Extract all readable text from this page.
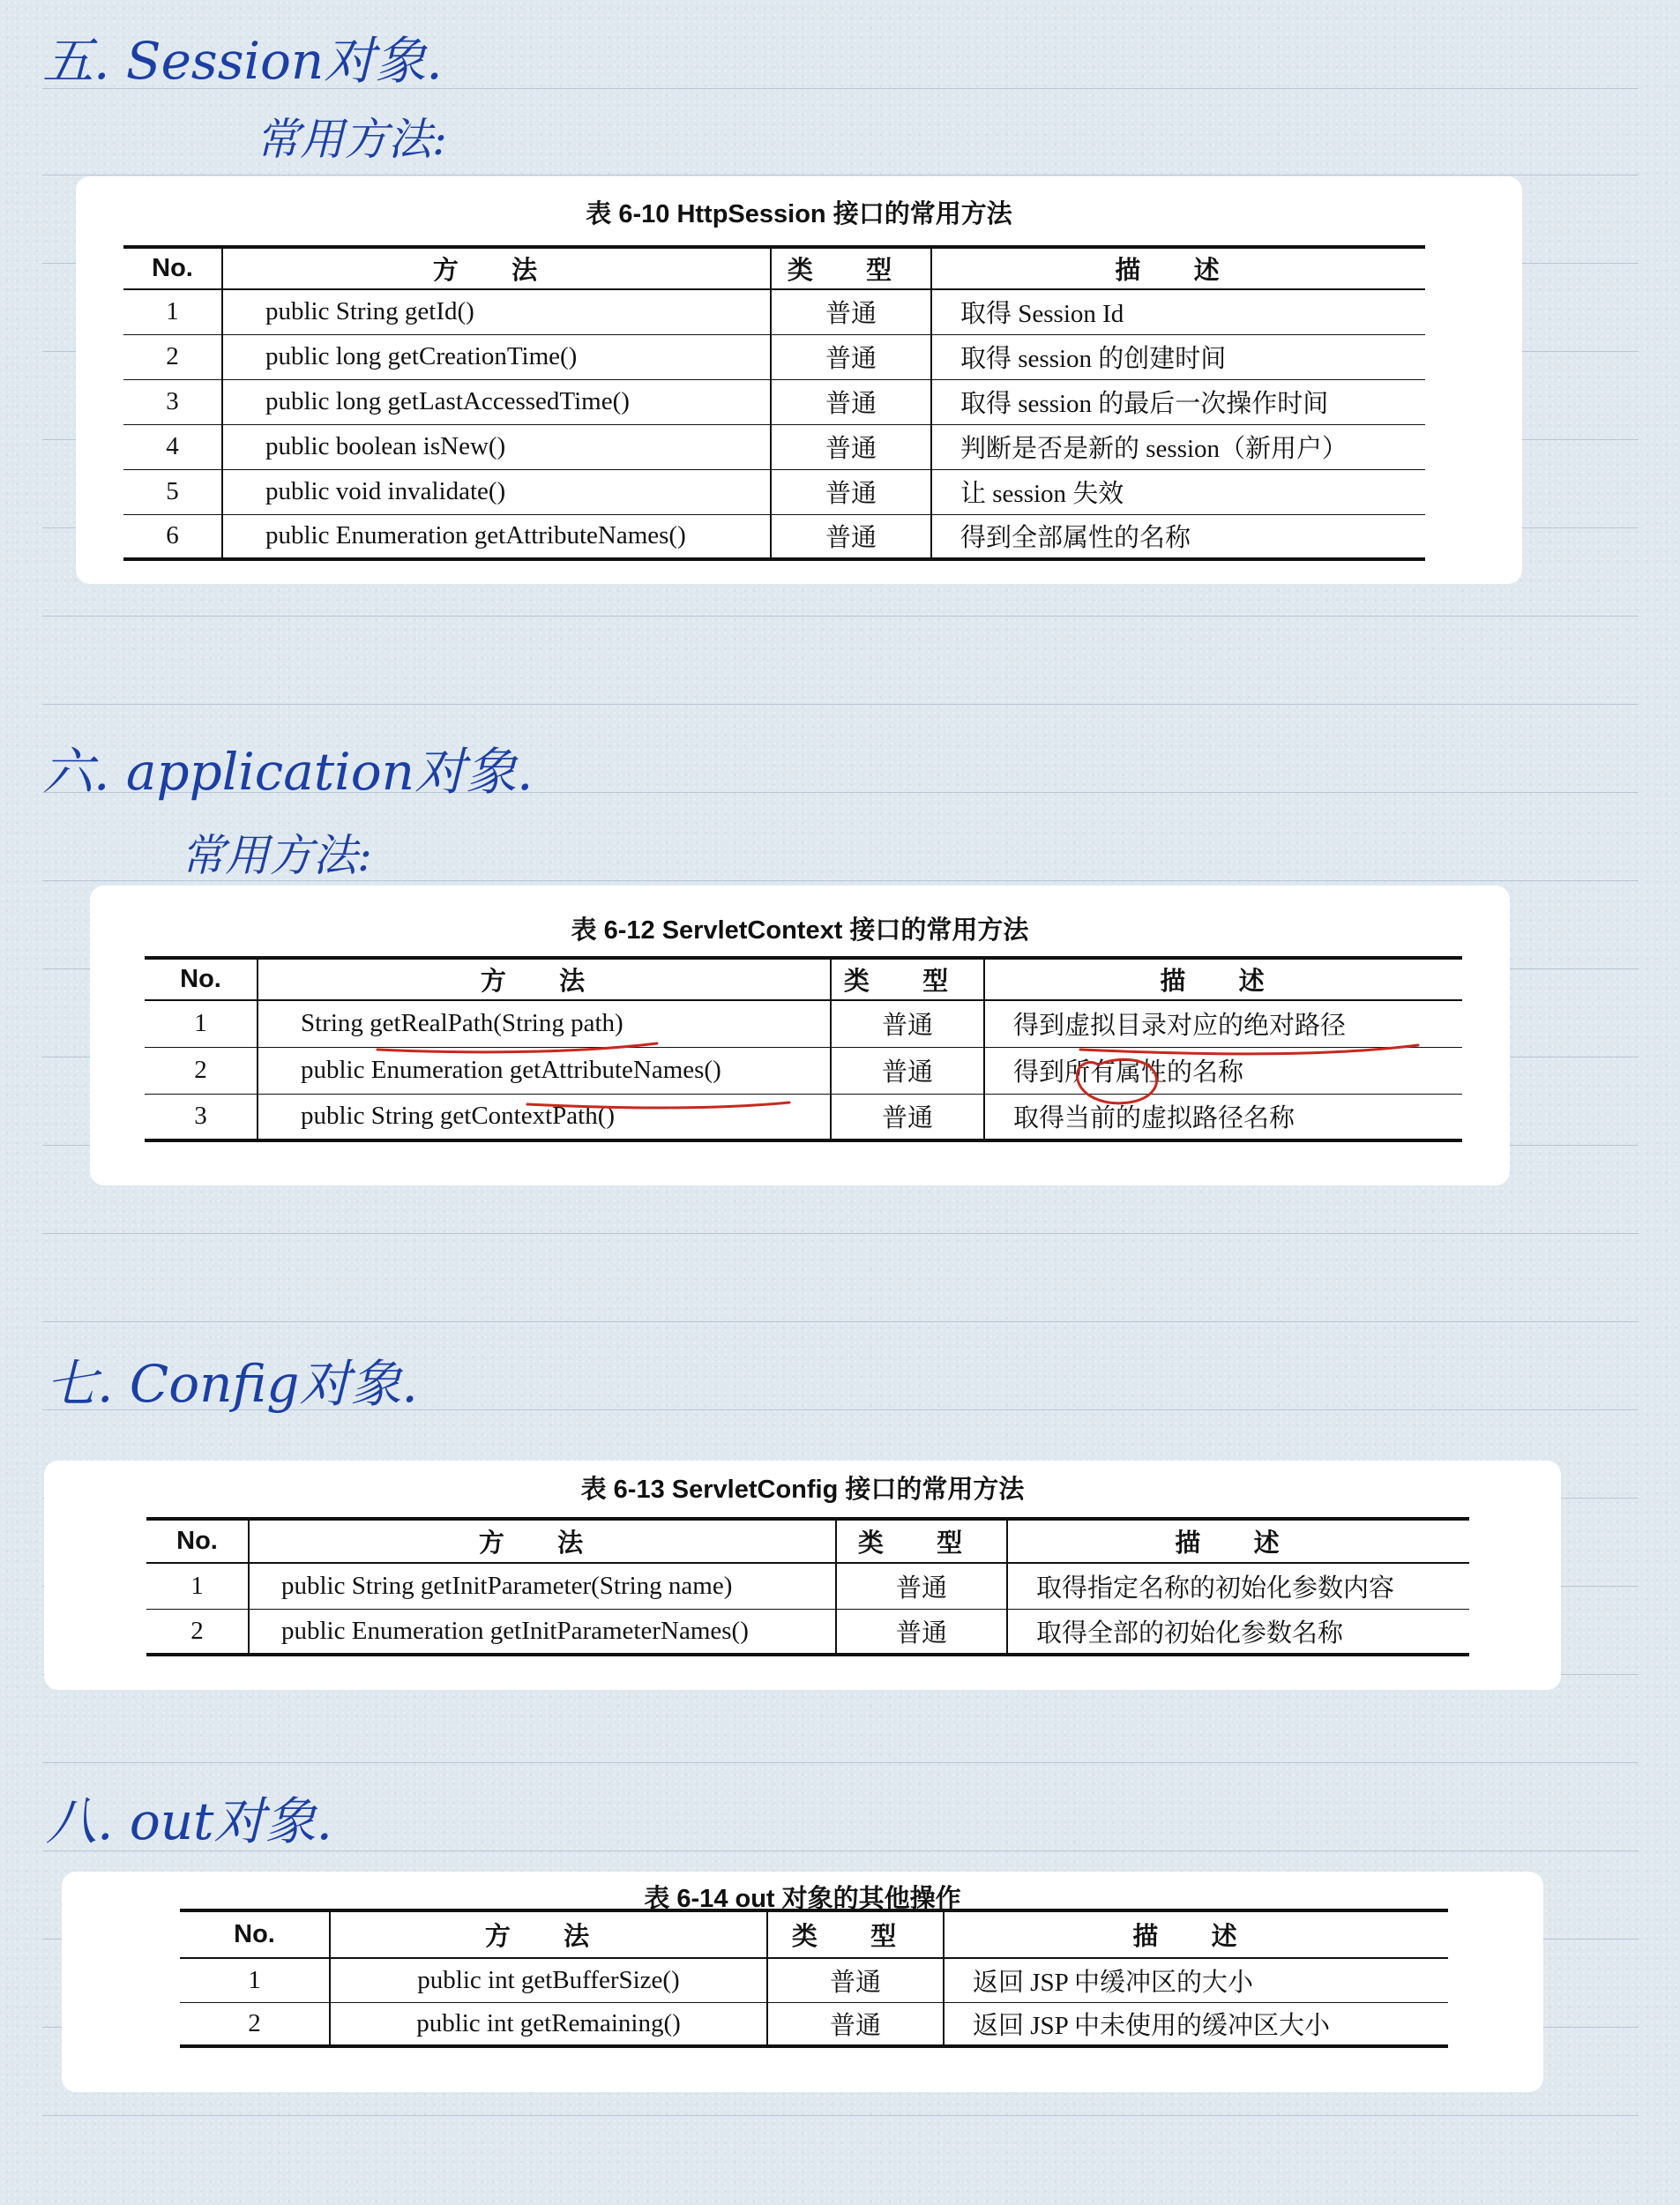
五. Session对象.
常用方法:
表 6-10 HttpSession 接口的常用方法
No.	方 法	类 型	描 述
1	public String getId()	普通	取得 Session Id
2	public long getCreationTime()	普通	取得 session 的创建时间
3	public long getLastAccessedTime()	普通	取得 session 的最后一次操作时间
4	public boolean isNew()	普通	判断是否是新的 session（新用户）
5	public void invalidate()	普通	让 session 失效
6	public Enumeration getAttributeNames()	普通	得到全部属性的名称
六. application对象.
常用方法:
表 6-12 ServletContext 接口的常用方法
No.	方 法	类 型	描 述
1	String getRealPath(String path)	普通	得到虚拟目录对应的绝对路径
2	public Enumeration getAttributeNames()	普通	得到所有属性的名称
3	public String getContextPath()	普通	取得当前的虚拟路径名称
七. Config对象.
表 6-13 ServletConfig 接口的常用方法
No.	方 法	类 型	描 述
1	public String getInitParameter(String name)	普通	取得指定名称的初始化参数内容
2	public Enumeration getInitParameterNames()	普通	取得全部的初始化参数名称
八. out对象.
表 6-14 out 对象的其他操作
No.	方 法	类 型	描 述
1	public int getBufferSize()	普通	返回 JSP 中缓冲区的大小
2	public int getRemaining()	普通	返回 JSP 中未使用的缓冲区大小
